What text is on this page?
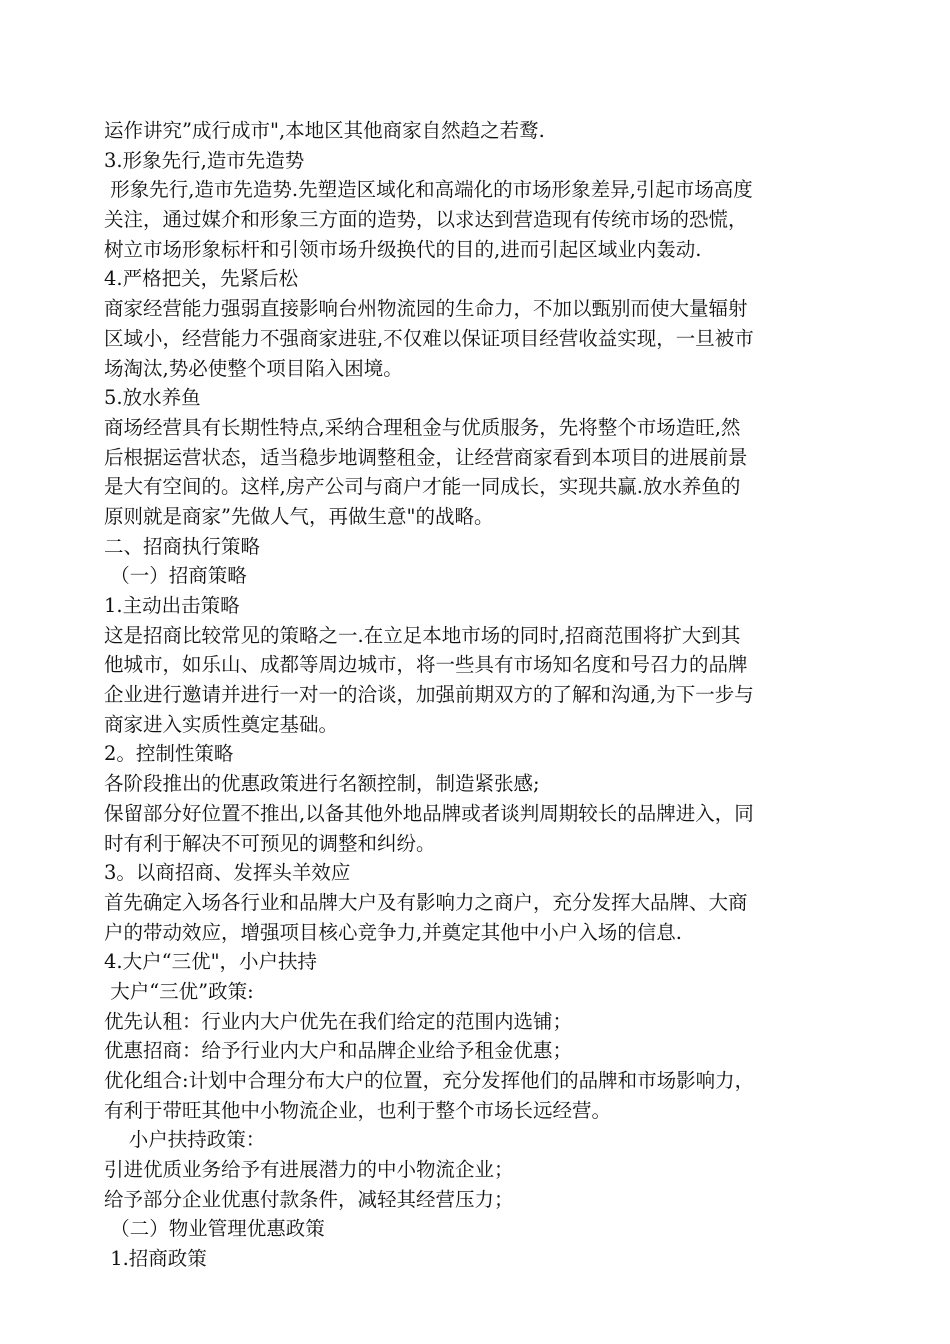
运作讲究”成行成市",本地区其他商家自然趋之若鹜.
3.形象先行,造市先造势
形象先行,造市先造势.先塑造区域化和高端化的市场形象差异,引起市场高度
关注，通过媒介和形象三方面的造势，以求达到营造现有传统市场的恐慌，
树立市场形象标杆和引领市场升级换代的目的,进而引起区域业内轰动.
4.严格把关，先紧后松
商家经营能力强弱直接影响台州物流园的生命力，不加以甄别而使大量辐射
区域小，经营能力不强商家进驻,不仅难以保证项目经营收益实现，一旦被市
场淘汰,势必使整个项目陷入困境。
5.放水养鱼
商场经营具有长期性特点,采纳合理租金与优质服务，先将整个市场造旺,然
后根据运营状态，适当稳步地调整租金，让经营商家看到本项目的进展前景
是大有空间的。这样,房产公司与商户才能一同成长，实现共赢.放水养鱼的
原则就是商家”先做人气，再做生意"的战略。
二、招商执行策略
（一）招商策略
1.主动出击策略
这是招商比较常见的策略之一.在立足本地市场的同时,招商范围将扩大到其
他城市，如乐山、成都等周边城市，将一些具有市场知名度和号召力的品牌
企业进行邀请并进行一对一的洽谈，加强前期双方的了解和沟通,为下一步与
商家进入实质性奠定基础。
2。控制性策略
各阶段推出的优惠政策进行名额控制，制造紧张感;
保留部分好位置不推出,以备其他外地品牌或者谈判周期较长的品牌进入，同
时有利于解决不可预见的调整和纠纷。
3。以商招商、发挥头羊效应
首先确定入场各行业和品牌大户及有影响力之商户，充分发挥大品牌、大商
户的带动效应，增强项目核心竞争力,并奠定其他中小户入场的信息.
4.大户“三优"，小户扶持
大户“三优”政策:
优先认租：行业内大户优先在我们给定的范围内选铺；
优惠招商：给予行业内大户和品牌企业给予租金优惠；
优化组合:计划中合理分布大户的位置，充分发挥他们的品牌和市场影响力，
有利于带旺其他中小物流企业，也利于整个市场长远经营。
小户扶持政策：
引进优质业务给予有进展潜力的中小物流企业；
给予部分企业优惠付款条件，减轻其经营压力；
（二）物业管理优惠政策
1.招商政策
